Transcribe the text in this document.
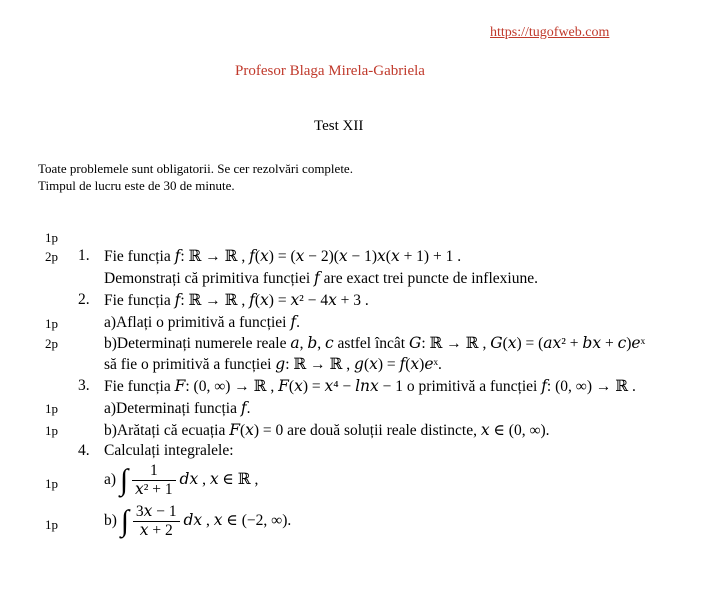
https://tugofweb.com
Profesor Blaga Mirela-Gabriela
Test XII
Toate problemele sunt obligatorii. Se cer rezolvări complete.
Timpul de lucru este de 30 de minute.
1p
2p
1p
2p
1p
1p
1p
1p
1. Fie funcția 𝑓: ℝ → ℝ , 𝑓(𝑥) = (𝑥 − 2)(𝑥 − 1)𝑥(𝑥 + 1) + 1 .
Demonstrați că primitiva funcției 𝑓 are exact trei puncte de inflexiune.
2. Fie funcția 𝑓: ℝ → ℝ , 𝑓(𝑥) = 𝑥² − 4𝑥 + 3 .
a)Aflați o primitivă a funcției 𝑓.
b)Determinați numerele reale 𝑎, 𝑏, 𝑐 astfel încât 𝐺: ℝ → ℝ , 𝐺(𝑥) = (𝑎𝑥² + 𝑏𝑥 + 𝑐)𝑒ˣ
să fie o primitivă a funcției 𝑔: ℝ → ℝ , 𝑔(𝑥) = 𝑓(𝑥)𝑒ˣ.
3. Fie funcția 𝐹: (0, ∞) → ℝ , 𝐹(𝑥) = 𝑥⁴ − 𝑙𝑛𝑥 − 1 o primitivă a funcției 𝑓: (0, ∞) → ℝ .
a)Determinați funcția 𝑓.
b)Arătați că ecuația 𝐹(𝑥) = 0 are două soluții reale distincte, 𝑥 ∈ (0, ∞).
4. Calculați integralele:
a) ∫ $\frac{1}{\text{𝑥² + 1}}$ 𝑑𝑥 , 𝑥 ∈ ℝ ,
b) ∫ $\frac{\text{3𝑥 − 1}}{\text{𝑥 + 2}}$ 𝑑𝑥 , 𝑥 ∈ (−2, ∞).
